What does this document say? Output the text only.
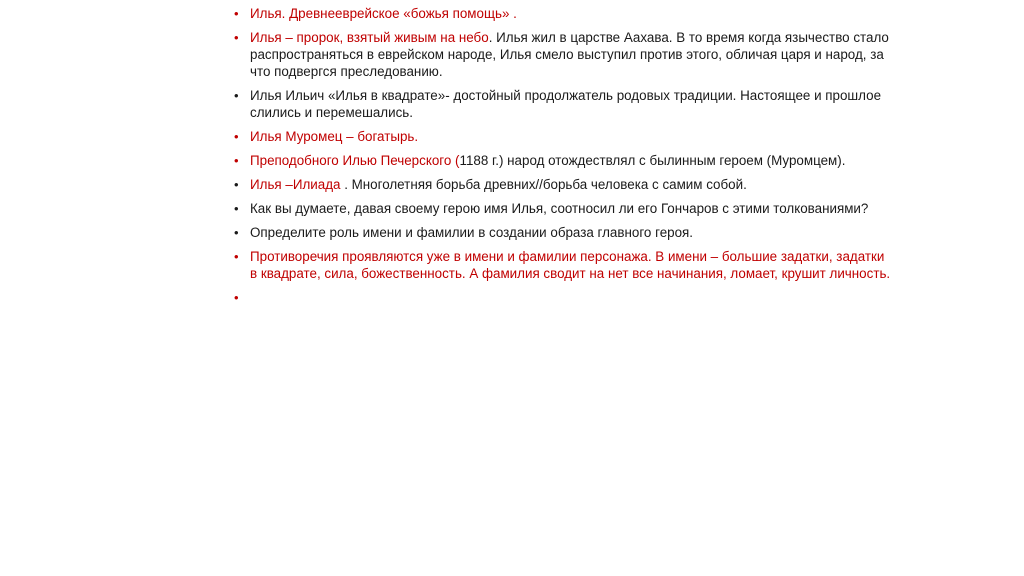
• Илья. Древнееврейское «божья помощь» .
• Илья – пророк, взятый живым на небо. Илья жил в царстве Аахава. В то время когда язычество стало распространяться в еврейском народе, Илья смело выступил против этого, обличая царя и народ, за что подвергся преследованию.
• Илья Ильич «Илья в квадрате»- достойный продолжатель родовых традиции. Настоящее и прошлое слились и перемешались.
• Илья Муромец – богатырь.
• Преподобного Илью Печерского (1188 г.) народ отождествлял с былинным героем (Муромцем).
• Илья –Илиада . Многолетняя борьба древних//борьба человека с самим собой.
• Как вы думаете, давая своему герою имя Илья, соотносил ли его Гончаров с этими толкованиями?
• Определите роль имени и фамилии в создании образа главного героя.
• Противоречия проявляются уже в имени и фамилии персонажа. В имени – большие задатки, задатки в квадрате, сила, божественность. А фамилия сводит на нет все начинания, ломает, крушит личность.
•
